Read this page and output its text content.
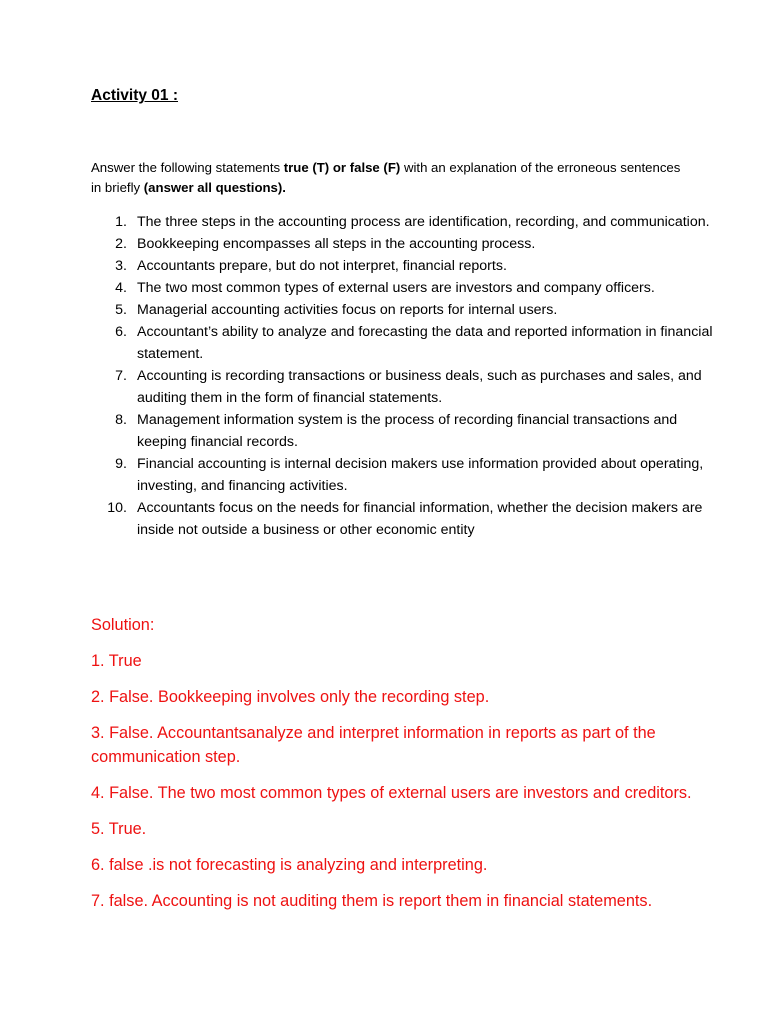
Activity 01 :

Answer the following statements true (T) or false (F) with an explanation of the erroneous sentences in briefly (answer all questions).

1. The three steps in the accounting process are identification, recording, and communication.
2. Bookkeeping encompasses all steps in the accounting process.
3. Accountants prepare, but do not interpret, financial reports.
4. The two most common types of external users are investors and company officers.
5. Managerial accounting activities focus on reports for internal users.
6. Accountant’s ability to analyze and forecasting the data and reported information in financial statement.
7. Accounting is recording transactions or business deals, such as purchases and sales, and auditing them in the form of financial statements.
8. Management information system is the process of recording financial transactions and keeping financial records.
9. Financial accounting is internal decision makers use information provided about operating, investing, and financing activities.
10. Accountants focus on the needs for financial information, whether the decision makers are inside not outside a business or other economic entity

Solution:

1. True

2. False. Bookkeeping involves only the recording step.

3. False. Accountantsanalyze and interpret information in reports as part of the communication step.

4. False. The two most common types of external users are investors and creditors.

5. True.

6. false .is not forecasting is analyzing and interpreting.

7. false. Accounting is not auditing them is report them in financial statements.
